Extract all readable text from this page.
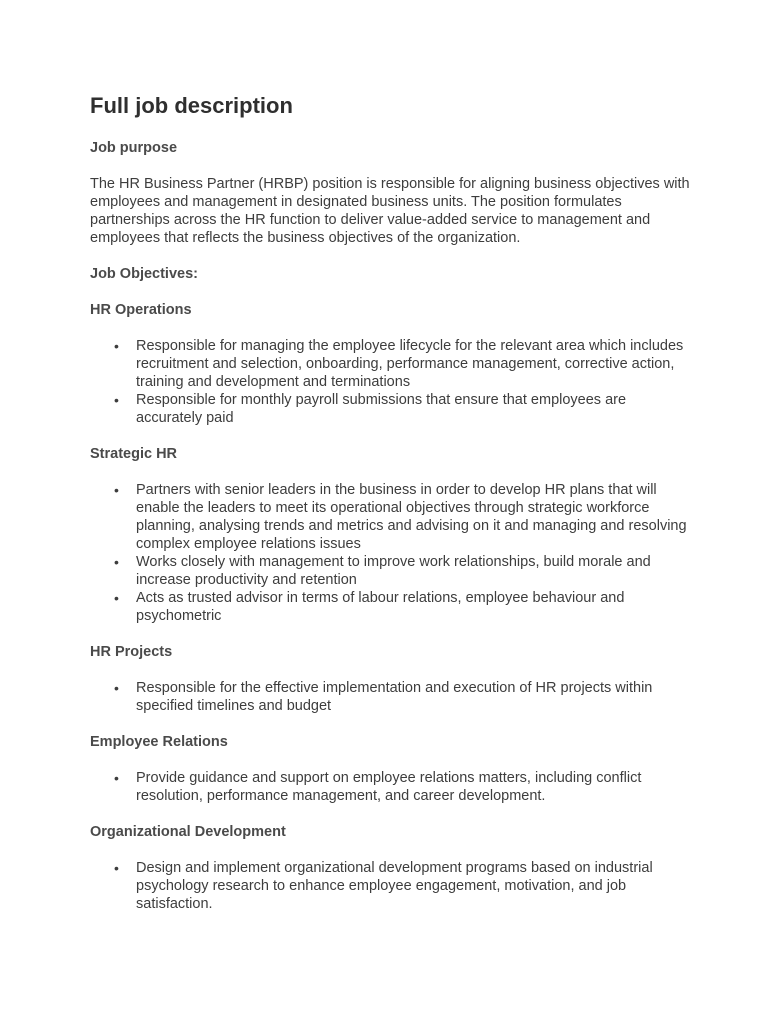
Full job description
Job purpose

The HR Business Partner (HRBP) position is responsible for aligning business objectives with employees and management in designated business units. The position formulates partnerships across the HR function to deliver value-added service to management and employees that reflects the business objectives of the organization.

Job Objectives:
HR Operations
• Responsible for managing the employee lifecycle for the relevant area which includes recruitment and selection, onboarding, performance management, corrective action, training and development and terminations
• Responsible for monthly payroll submissions that ensure that employees are accurately paid
Strategic HR
• Partners with senior leaders in the business in order to develop HR plans that will enable the leaders to meet its operational objectives through strategic workforce planning, analysing trends and metrics and advising on it and managing and resolving complex employee relations issues
• Works closely with management to improve work relationships, build morale and increase productivity and retention
• Acts as trusted advisor in terms of labour relations, employee behaviour and psychometric
HR Projects
• Responsible for the effective implementation and execution of HR projects within specified timelines and budget
Employee Relations
• Provide guidance and support on employee relations matters, including conflict resolution, performance management, and career development.
Organizational Development
• Design and implement organizational development programs based on industrial psychology research to enhance employee engagement, motivation, and job satisfaction.
